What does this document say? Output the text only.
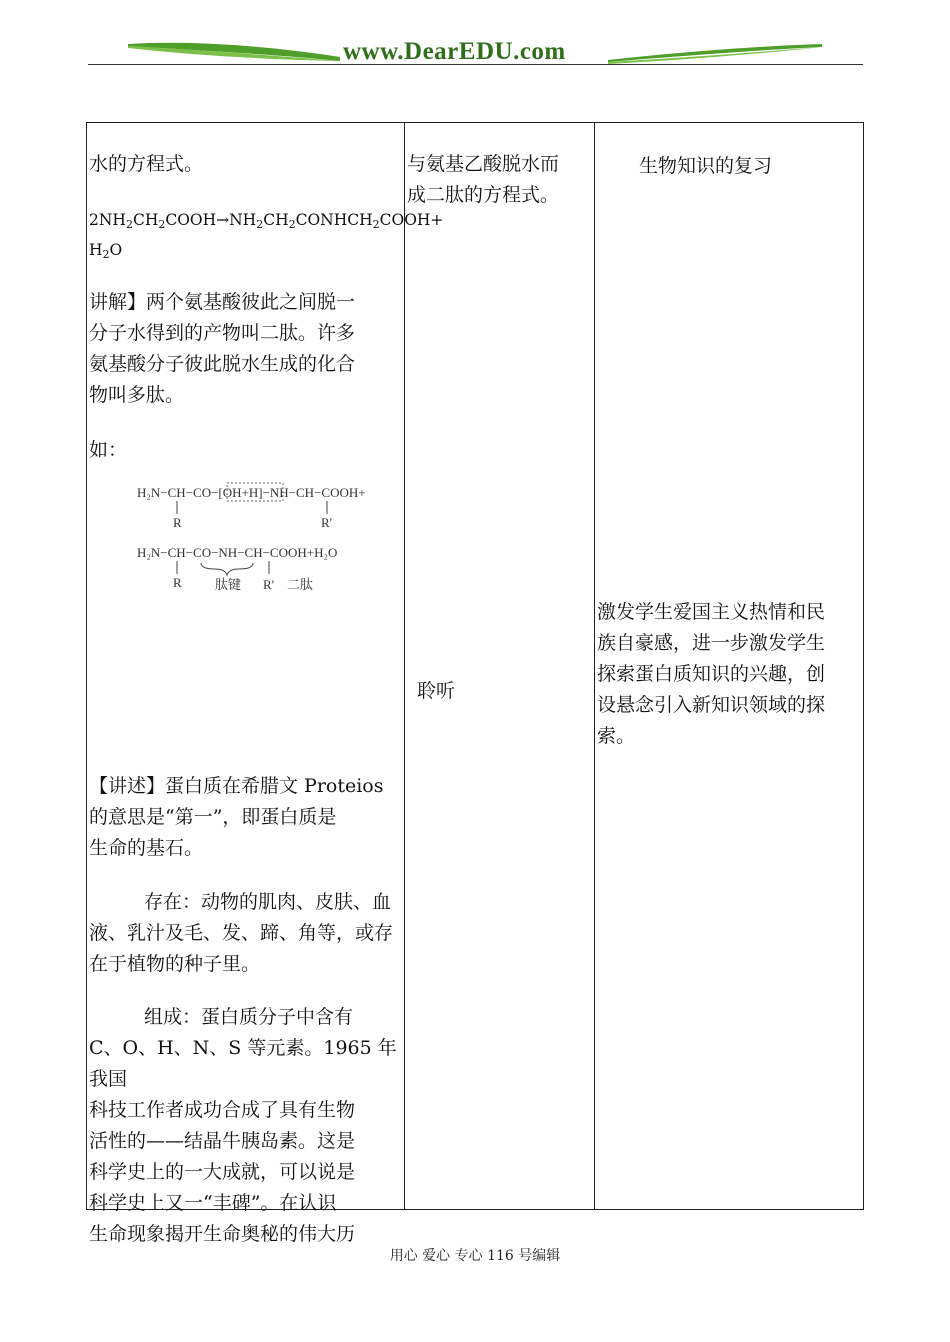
www.DearEDU.com
水的方程式。
$2NH_2CH_2COOH\to NH_2CH_2CONHCH_2COOH+$
$H_2O$
讲解】两个氨基酸彼此之间脱一
分子水得到的产物叫二肽。许多
氨基酸分子彼此脱水生成的化合
物叫多肽。
如：
H₂N−CH−CO−[OH+H]−NH−CH−COOH+
R	R'
H₂N−CH−CO−NH−CH−COOH+H₂O
R	肽键 R' 二肽
【讲述】蛋白质在希腊文 Proteios
的意思是“第一”，即蛋白质是
生命的基石。
存在：动物的肌肉、皮肤、血
液、乳汁及毛、发、蹄、角等，或存
在于植物的种子里。
组成：蛋白质分子中含有
C、O、H、N、S 等元素。1965 年我国
科技工作者成功合成了具有生物
活性的——结晶牛胰岛素。这是
科学史上的一大成就，可以说是
科学史上又一“丰碑”。在认识
生命现象揭开生命奥秘的伟大历

与氨基乙酸脱水而
成二肽的方程式。
聆听

生物知识的复习
激发学生爱国主义热情和民
族自豪感，进一步激发学生
探索蛋白质知识的兴趣，创
设悬念引入新知识领域的探
索。
用心 爱心 专心 116 号编辑
